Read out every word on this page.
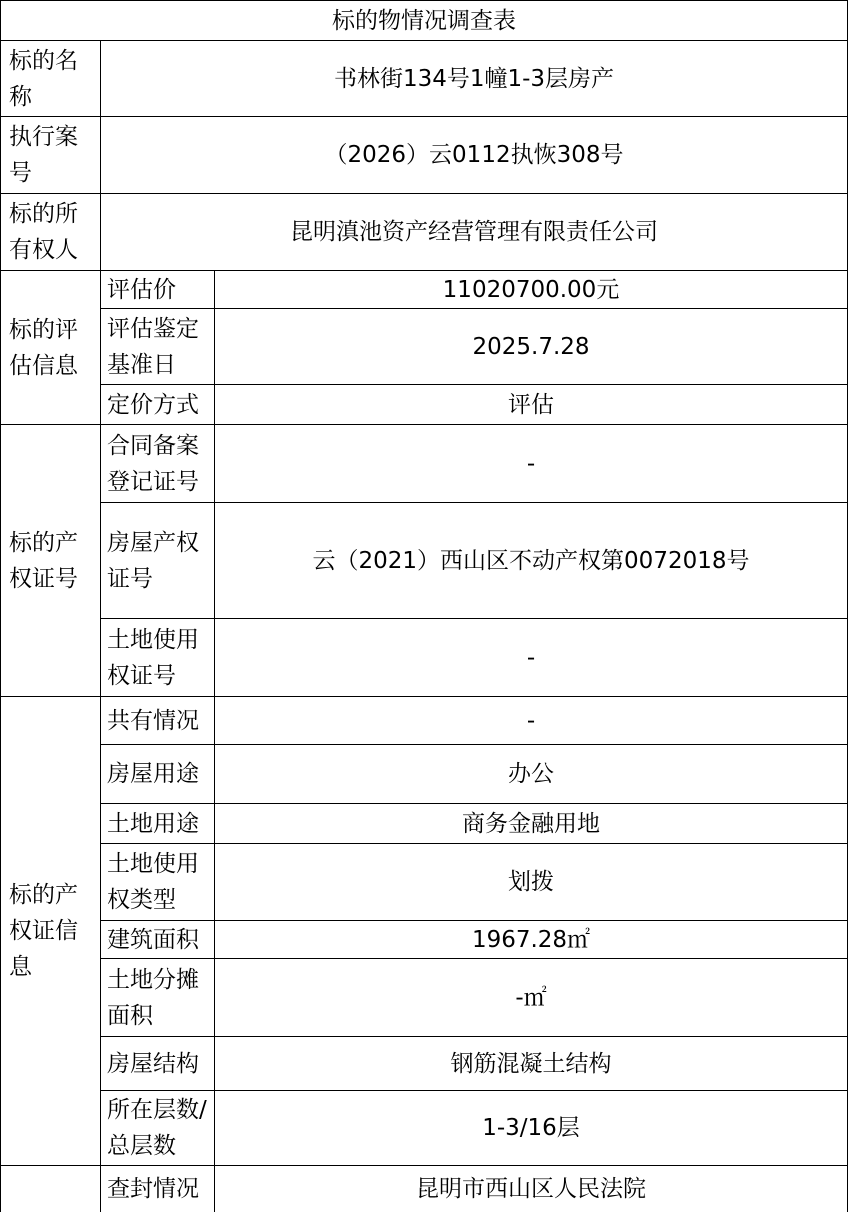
标的物情况调查表		
标的名称	书林街134号1幢1-3层房产	
执行案号	（2026）云0112执恢308号	
标的所有权人	昆明滇池资产经营管理有限责任公司	
标的评估信息	评估价	11020700.00元
	评估鉴定基准日	2025.7.28
	定价方式	评估
标的产权证号	合同备案登记证号	-
	房屋产权证号	云（2021）西山区不动产权第0072018号
	土地使用权证号	-
标的产权证信息	共有情况	-
	房屋用途	办公
	土地用途	商务金融用地
	土地使用权类型	划拨
	建筑面积	1967.28㎡
	土地分摊面积	-㎡
	房屋结构	钢筋混凝土结构
	所在层数/总层数	1-3/16层
	查封情况	昆明市西山区人民法院
